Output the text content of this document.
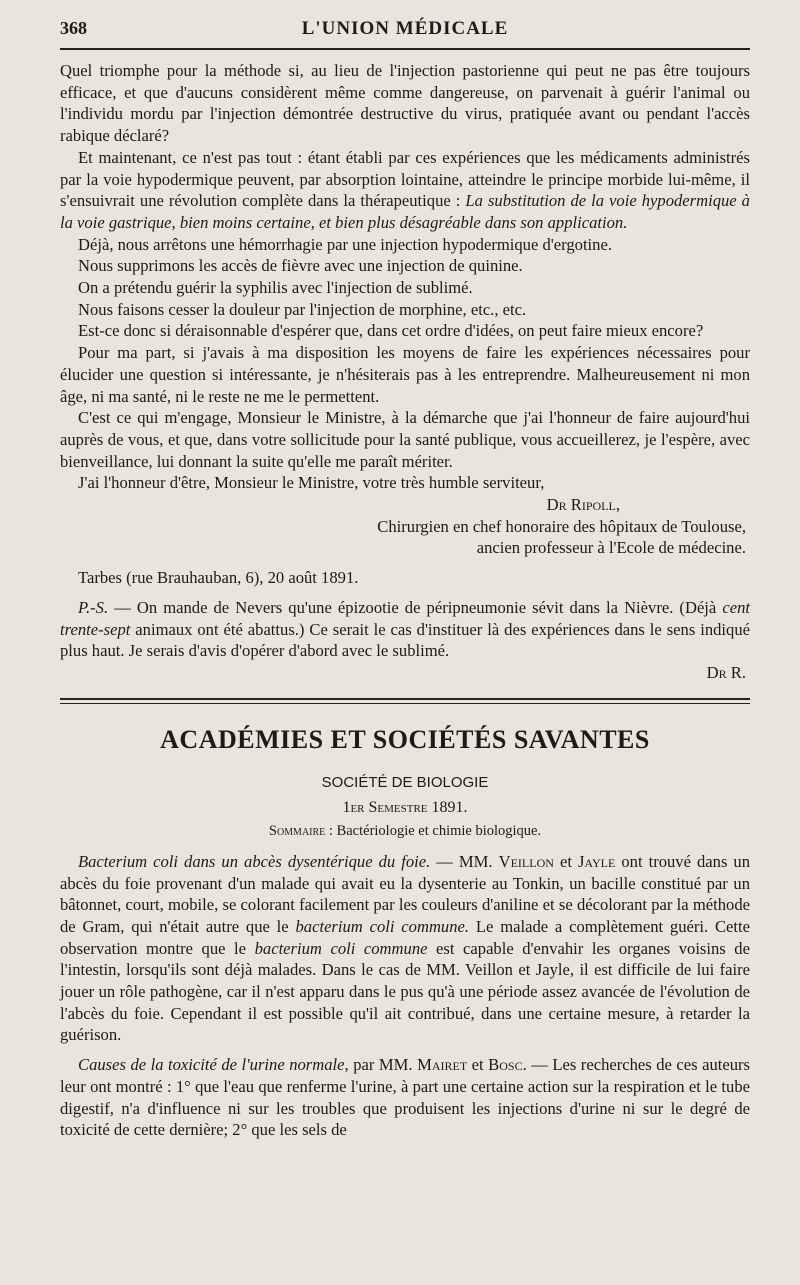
368	L'UNION MÉDICALE

Quel triomphe pour la méthode si, au lieu de l'injection pastorienne qui peut ne pas être toujours efficace, et que d'aucuns considèrent même comme dangereuse, on parvenait à guérir l'animal ou l'individu mordu par l'injection démontrée destructive du virus, pratiquée avant ou pendant l'accès rabique déclaré?

Et maintenant, ce n'est pas tout : étant établi par ces expériences que les médicaments administrés par la voie hypodermique peuvent, par absorption lointaine, atteindre le principe morbide lui-même, il s'ensuivrait une révolution complète dans la thérapeutique : La substitution de la voie hypodermique à la voie gastrique, bien moins certaine, et bien plus désagréable dans son application.

Déjà, nous arrêtons une hémorrhagie par une injection hypodermique d'ergotine.

Nous supprimons les accès de fièvre avec une injection de quinine.

On a prétendu guérir la syphilis avec l'injection de sublimé.

Nous faisons cesser la douleur par l'injection de morphine, etc., etc.

Est-ce donc si déraisonnable d'espérer que, dans cet ordre d'idées, on peut faire mieux encore?

Pour ma part, si j'avais à ma disposition les moyens de faire les expériences nécessaires pour élucider une question si intéressante, je n'hésiterais pas à les entreprendre. Malheureusement ni mon âge, ni ma santé, ni le reste ne me le permettent.

C'est ce qui m'engage, Monsieur le Ministre, à la démarche que j'ai l'honneur de faire aujourd'hui auprès de vous, et que, dans votre sollicitude pour la santé publique, vous accueillerez, je l'espère, avec bienveillance, lui donnant la suite qu'elle me paraît mériter.

J'ai l'honneur d'être, Monsieur le Ministre, votre très humble serviteur,

Dr Ripoll,

Chirurgien en chef honoraire des hôpitaux de Toulouse,

ancien professeur à l'Ecole de médecine.

Tarbes (rue Brauhauban, 6), 20 août 1891.

P.-S. — On mande de Nevers qu'une épizootie de péripneumonie sévit dans la Nièvre. (Déjà cent trente-sept animaux ont été abattus.) Ce serait le cas d'instituer là des expériences dans le sens indiqué plus haut. Je serais d'avis d'opérer d'abord avec le sublimé.

Dr R.

ACADÉMIES ET SOCIÉTÉS SAVANTES
SOCIÉTÉ DE BIOLOGIE
1er Semestre 1891.
Sommaire : Bactériologie et chimie biologique.

Bacterium coli dans un abcès dysentérique du foie. — MM. Veillon et Jayle ont trouvé dans un abcès du foie provenant d'un malade qui avait eu la dysenterie au Tonkin, un bacille constitué par un bâtonnet, court, mobile, se colorant facilement par les couleurs d'aniline et se décolorant par la méthode de Gram, qui n'était autre que le bacterium coli commune. Le malade a complètement guéri. Cette observation montre que le bacterium coli commune est capable d'envahir les organes voisins de l'intestin, lorsqu'ils sont déjà malades. Dans le cas de MM. Veillon et Jayle, il est difficile de lui faire jouer un rôle pathogène, car il n'est apparu dans le pus qu'à une période assez avancée de l'évolution de l'abcès du foie. Cependant il est possible qu'il ait contribué, dans une certaine mesure, à retarder la guérison.

Causes de la toxicité de l'urine normale, par MM. Mairet et Bosc. — Les recherches de ces auteurs leur ont montré : 1° que l'eau que renferme l'urine, à part une certaine action sur la respiration et le tube digestif, n'a d'influence ni sur les troubles que produisent les injections d'urine ni sur le degré de toxicité de cette dernière; 2° que les sels de
